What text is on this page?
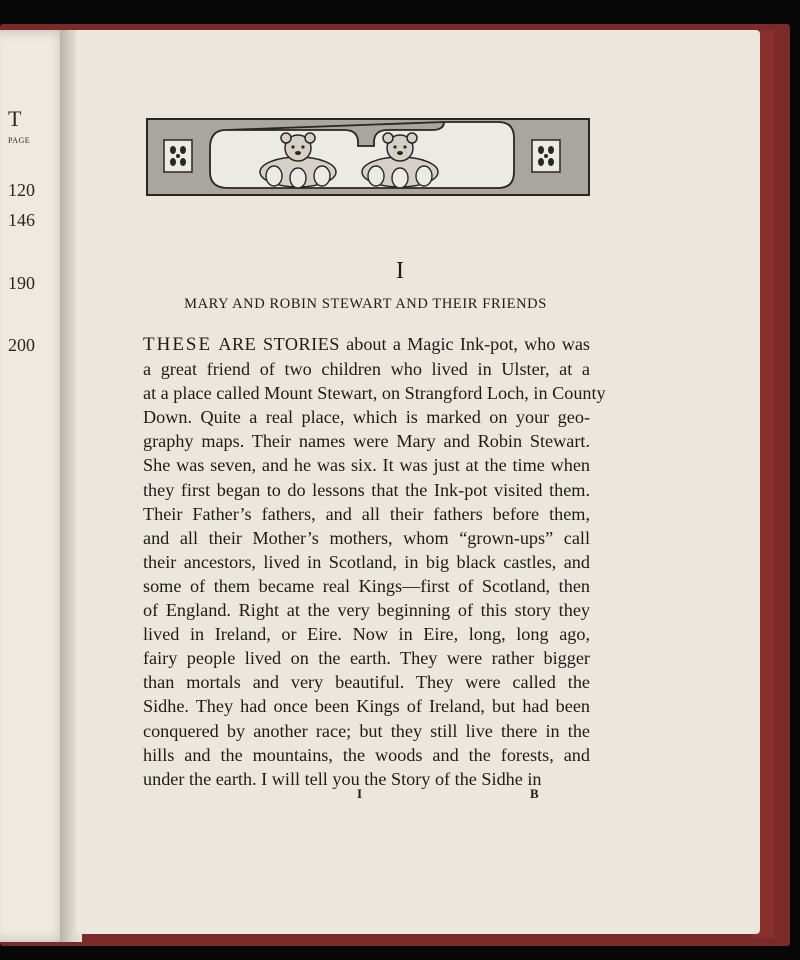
T
PAGE
120
146
190
200
I
MARY AND ROBIN STEWART AND THEIR FRIENDS
THESE ARE STORIES about a Magic Ink-pot, who was
a great friend of two children who lived in Ulster, at a
at a place called Mount Stewart, on Strangford Loch, in County
Down. Quite a real place, which is marked on your geo-
graphy maps. Their names were Mary and Robin Stewart.
She was seven, and he was six. It was just at the time when
they first began to do lessons that the Ink-pot visited them.
Their Father’s fathers, and all their fathers before them,
and all their Mother’s mothers, whom “grown-ups” call
their ancestors, lived in Scotland, in big black castles, and
some of them became real Kings—first of Scotland, then
of England. Right at the very beginning of this story they
lived in Ireland, or Eire. Now in Eire, long, long ago,
fairy people lived on the earth. They were rather bigger
than mortals and very beautiful. They were called the
Sidhe. They had once been Kings of Ireland, but had been
conquered by another race; but they still live there in the
hills and the mountains, the woods and the forests, and
under the earth. I will tell you the Story of the Sidhe in
I	B
